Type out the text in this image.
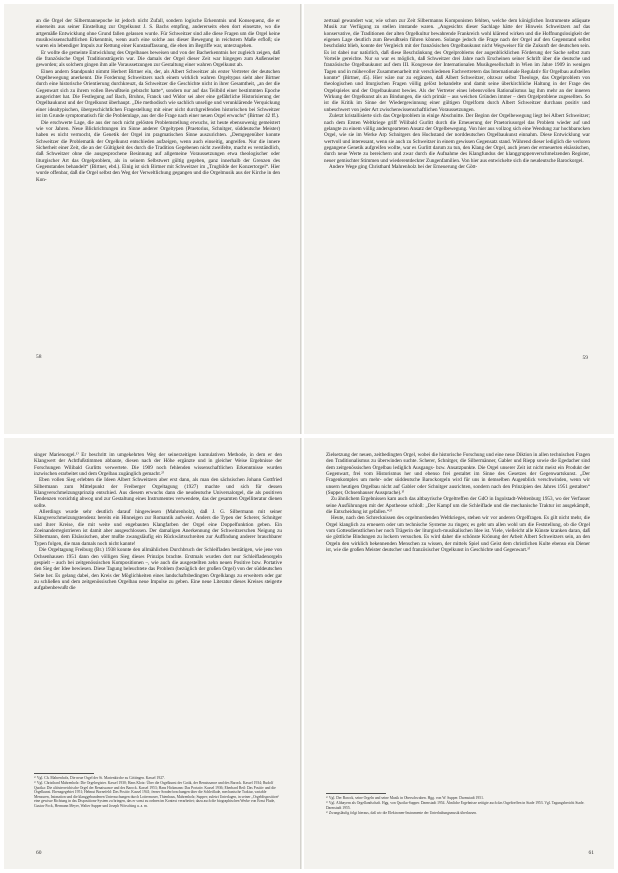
an die Orgel der Silbermannepoche ist jedoch nicht Zufall, sondern logische Erkenntnis und Konsequenz, die er einerseits aus seiner Einstellung zur Orgelkunst J. S. Bachs empfing, andererseits eben dort einsetzte, wo die artgemäße Entwicklung ohne Grund fallen gelassen wurde. Für Schweitzer sind alle diese Fragen um die Orgel keine musikwissenschaftlichen Erkenntnis, wenn auch eine solche aus dieser Bewegung in reichstem Maße erfloß; sie waren ein lebendiger Impuls zur Rettung einer Kunstauffassung, die eben im Begriffe war, unterzugehen.

Er wollte die gemeinte Entwicklung des Orgelbaues beweisen und von der Bacherkenntnis her zugleich zeigen, daß die französische Orgel Traditionsträgerin war. Die damals der Orgel dieser Zeit war hingegen zum Außenseiter geworden; als solchem gingen ihm alle Voraussetzungen zur Gestaltung einer wahren Orgelkunst ab.

Einen andern Standpunkt nimmt Herbert Birtner ein, der, als Albert Schweitzer als erster Vertreter der deutschen Orgelbewegung anerkennt. Die Forderung Schweitzers nach einem wirklich wahren Orgeltypus sieht aber Birtner durch eine historische Orientierung durchkreuzt, da Schweitzer die Geschichte nicht in ihrer Gesamtheit, „an der die Gegenwart sich zu ihrem vollen Bewußtsein gebracht hatte“, sondern nur auf das Teilbild einer bestimmten Epoche ausgerichtet hat. Die Festlegung auf Bach, Bruhns, Franck und Widor sei aber eine gefährliche Historisierung der Orgelbaukunst und der Orgelkunst überhaupt. „Die methodisch wie sachlich unselige und verunklärende Verquickung einer idealtypischen, übergeschichtlichen Fragestellung mit einer nicht durchgreifenden historischen bei Schweitzer ist im Grunde symptomatisch für die Problemlage, aus der die Frage nach einer neuen Orgel erwuchs“ (Birtner 42 ff.).

Die erschwerte Lage, die aus der noch nicht gelösten Problemstellung erwuchs, ist heute ebensowenig gemeistert wie vor Jahren. Neue Blickrichtungen im Sinne anderer Orgeltypen (Praetorius, Schnitger, süddeutsche Meister) haben es nicht vermocht, die Genetik der Orgel im pragmatischen Sinne auszurichten. „Demgegenüber konnte Schweitzer die Problematik der Orgelkunst entschieden aufzeigen, wenn auch einseitig, angreifen. Nur die innere Sicherheit einer Zeit, die an der Gültigkeit des durch die Tradition Gegebenen nicht zweifelte, macht es verständlich, daß Schweitzer ohne die ausgesprochene Besinnung auf allgemeine Voraussetzungen etwa theologischer oder liturgischer Art das Orgelproblem, als in seinem Selbstwert gültig gegeben, ganz innerhalb der Grenzen des Gegenstandes behandelt“ (Birtner, ebd.). Einig ist sich Birtner mit Schweitzer im „Trugbilde der Konzertorgel“. Hier wurde offenbar, daß die Orgel selbst den Weg der Verweltlichung gegangen und die Orgelmusik aus der Kirche in den Kon-

58

zertsaal gewandert war, wie schon zur Zeit Silbermanns Komponisten fehlten, welche dem königlichen Instrumente adäquate Musik zur Verfügung zu stellen imstande waren. „Angesichts dieser Sachlage hätte der Hinweis Schweitzers auf das konservative, die Traditionen der alten Orgelkultur bewahrende Frankreich wohl klärend wirken und die Hoffnungslosigkeit der eigenen Lage deutlich zum Bewußtsein führen können. Solange jedoch die Frage nach der Orgel auf den Gegenstand selbst beschränkt blieb, konnte der Vergleich mit der französischen Orgelbaukunst nicht Wegweiser für die Zukunft der deutschen sein. Es ist dabei nur natürlich, daß diese Beschränkung des Orgelproblems der augenblicklichen Förderung der Sache selbst zum Vorteile gereichte. Nur so war es möglich, daß Schweitzer drei Jahre nach Erscheinen seiner Schrift über die deutsche und französische Orgelbaukunst auf dem III. Kongresse der Internationalen Musikgesellschaft in Wien im Jahre 1909 in wenigen Tagen und in mühevoller Zusammenarbeit mit verschiedenen Fachvertretern das Internationale Regulativ für Orgelbau aufstellen konnte“ (Birtner, 45). Hier wäre nur zu ergänzen, daß Albert Schweitzer, obzwar selbst Theologe, das Orgelproblem von theologischen und liturgischen Fragen völlig gelöst behandelte und damit seine überkirchliche Haltung in der Frage des Orgelspieles und der Orgelbaukunst bewies. Als der Vertreter eines lebensvollen Rationalismus lag ihm mehr an der inneren Wirkung der Orgelkunst als an Bindungen, die sich primär – aus weichen Gründen immer – dem Orgelproblene zugesellten. So ist die Kritik im Sinne der Wiedergewinnung einer gültigen Orgelform durch Albert Schweitzer durchaus positiv und unbeschwert von jeder Art zwischenwissenschaftlichen Voraussetzungen.

Zuletzt kristallisierte sich das Orgelproblem in einige Abschnitte. Der Beginn der Orgelbewegung liegt bei Albert Schweitzer; nach dem Ersten Weltkriege griff Wilibald Gurlitt durch die Erneuerung der Praetoriusorgel das Problem wieder auf und gelangte zu einem völlig andersgearteten Ansatz der Orgelbewegung. Von hier aus vollzog sich eine Wendung zur hochbarocken Orgel, wie sie im Werke Arp Schnitgers den Hochstand der norddeutschen Orgelbaukunst einnahm. Diese Entwicklung war wertvoll und interessant, wenn sie auch zu Schweitzer in einem gewissen Gegensatz stand. Während dieser lediglich die verloren gegangene Genetik aufgreifen wollte, war es Gurlitt darum zu tun, den Klang der Orgel, auch jenen der ermeuerten elsässischen, durch neue Werte zu bereichern und zwar durch die Aufnahme des Klangfundus der klanggruppenverschmelzenden Register, neuer gemischter Stimmen und wiederentdeckter Zungenfamilien. Von hier aus entwickelte sich die neudeutsche Barockorgel.

Andere Wege ging Christhard Mahrenholz bei der Erneuerung der Gött-

59

singer Marienorgel.¹⁾ Er beschritt im umgekehrten Weg der seinerzeitigen kumulativen Methode, in dem er den Klangwert der Achtfußstimmen abbaute, diesen nach der Höhe ergänzte und in gleicher Weise Ergebnisse der Forschungen Wilibald Gurlitts verwertete. Die 1909 noch fehlenden wissenschaftlichen Erkenntnisse wurden inzwischen erarbeitet und dem Orgelbau zugänglich gemacht.²⁾

Eben vollen Sieg erlebten die Ideen Albert Schweitzers aber erst dann, als man den sächsischen Johann Gottfried Silbermann zum Mittelpunkt der Freiberger Orgeltagung (1927) machte und sich für dessen Klangverschmelzungsprinzip entschied. Aus diesem erwuchs dann die neudeutsche Universalorgel, die als positiven Tendenzen vorsichtig abwog und zur Gestaltung eines Instrumentes verwendete, das der gesamten Orgelliteratur dienen sollte.

Allerdings wurde sehr deutlich darauf hingewiesen (Mahrenholz), daß J. G. Silbermann mit seiner Klangverschmelzungstendenz bereits ein Hinneigen zur Romantik aufweist. Anders die Typen der Scherer, Schnitger und ihrer Kreise, die mit weite und engebauten Klangfarben der Orgel eine Doppelfunktion geben. Ein Zoeinanderregistrieren ist damit aber ausgeschlossen. Der damaligen Anerkennung der Schweitzerschen Neigung zu Silbermann, dem Elsässischen, aber mußte zwangsläufig ein Rückwärtsschreiten zur Auffindung anderer brauchbarer Typen folgen, die man damals noch nicht kannte!

Die Orgeltagung Freiburg (Br.) 1938 konnte den allmählichen Durchbruch der Schleifladen bestätigen, wie jene von Ochsenhausen 1951 dann den völligen Sieg dieses Prinzips brachte. Erstmals wurden dort nur Schleifladenorgeln gespielt – auch bei zeitgenössischen Kompositionen –, wie auch die ausgestellten zehn neuen Positive bzw. Portative den Sieg der Idee bewiesen. Diese Tagung beleuchtete das Problem (bezüglich der großen Orgel) von der süddeutschen Seite her. Es gelang dabei, den Kreis der Möglichkeiten eines landschaftsbedingten Orgelklangs zu erweitern oder gar zu schließen und dem zeitgenössischen Orgelbau neue Impulse zu geben. Eine neue Literatur dieses Kreises steigerte aufgabenbewußt die

¹⁾ Vgl. Ch. Mahrenholz, Die neue Orgel der St. Marienkirche zu Göttingen. Kassel 1927.
²⁾ Vgl. Christhard Mahrenholz: Die Orgelregister. Kassel 1930; Hans Klotz: Über die Orgelkunst der Gotik, der Renaissance und des Barock. Kassel 1934; Rudolf Quoika: Die altösterreichische Orgel der Renaissance und des Barock. Kassel 1953; Hans Hickmann: Das Portativ. Kassel 1936; Eberhard Beil: Das Positiv und die Orgelkunst. Ebenagegebiet 1951; Helmut Bornefeld: Das Positiv. Kassel 1941; ferner Sonderforschungen über die Schleiflade, mechanische Traktur, variable Mensuren, Intonation und die klanggebundenen Untersuchungen durch Lottermoser, Thienhaus, Mahrenholz; Supper; zuletzt Unterlagen, in seiner „Orgeldisposition“ eine gewisse Richtung in das Dispositions-System zu bringen, das er sonst zu ordnen im Kontext verarbeitet; dazu auch die biographischen Werke von Ernst Flade, Gustav Fock, Hermann Meyer, Walter Supper und Joseph Wörsching u. a. m.
60

Zielsetzung der neuen, zeitbedingten Orgel, wobei die historische Forschung und eine neue Diktion in allen technischen Fragen den Traditionalismus zu überwinden suchte. Scherer, Schnitger, die Silbermänner, Gabler und Riepp sowie die Egedacher sind dem zeitgenössischen Orgelbau lediglich Ausgangs- bzw. Ansatzpunkte. Die Orgel unserer Zeit ist nicht meist ein Produkt der Gegenwart, frei vom Historismus her und ebenso frei gestaltet im Sinne des Gesetzes der Gegenwartskunst. „Der Fragenkomplex um mehr- oder süddeutsche Barockorgeln wird für uns in demselben Augenblick verschwinden, wenn wir unsern heutigen Orgelbau nicht auf Gabler oder Schnitger ausrichten, sondern nach den Prinzipien des Jahres 1951 gestalten“ (Supper, Ochsenhauser Aussprache).¹⁾

Zu ähnlichem Ergebnissen kam auch das altbayrische Orgeltreffen der GdO in Ingolstadt-Weltenburg 1953, wo der Verfasser seine Ausführungen mit der Apotheose schloß: „Der Kampf um die Schleiflade und die mechanische Traktur ist ausgekämpft, die Entscheidung ist gefallen.“²⁾

Heute, nach den Schrecknissen des orgelmordenden Weltkrieges, stehen wir vor anderen Orgelfragen. Es gilt nicht mehr, die Orgel klanglich zu erneuern oder um technische Systeme zu ringen; es geht um allen wohl um die Feststellung, ob die Orgel vom Gottesdienstlichen her noch Trägerin der liturgisch-musikalischen Idee ist. Viele, vielleicht alle Künste kranken daran, daß sie göttliche Bindungen zu lockern versuchen. Es wird daher die schönste Krönung der Arbeit Albert Schweitzers sein, an den Orgeln den wirklich bekennenden Menschen zu wissen, der mittels Spiel und Geist dem christlichen Kulte ebenso ein Diener ist, wie die großen Meister deutscher und französischer Orgelkunst in Geschichte und Gegenwart.³⁾

¹⁾ Vgl. Der Barock, seine Orgeln und seine Musik in Oberschwaben. Hgg. von W. Supper. Darmstadt 1951.
²⁾ Vgl. Altbayern als Orgellandschaft. Hgg. von Quoika-Supper. Darmstadt 1954. Ähnliche Ergebnisse zeitigte auch das Orgeltreffen in Stade 1953. Vgl. Tagungsbericht Stade. Darmstadt 1955.
³⁾ Zwangsläufig folgt hieraus, daß wir die Elektronen-Instrumente der Unterhaltungsmusik überlassen.
61
